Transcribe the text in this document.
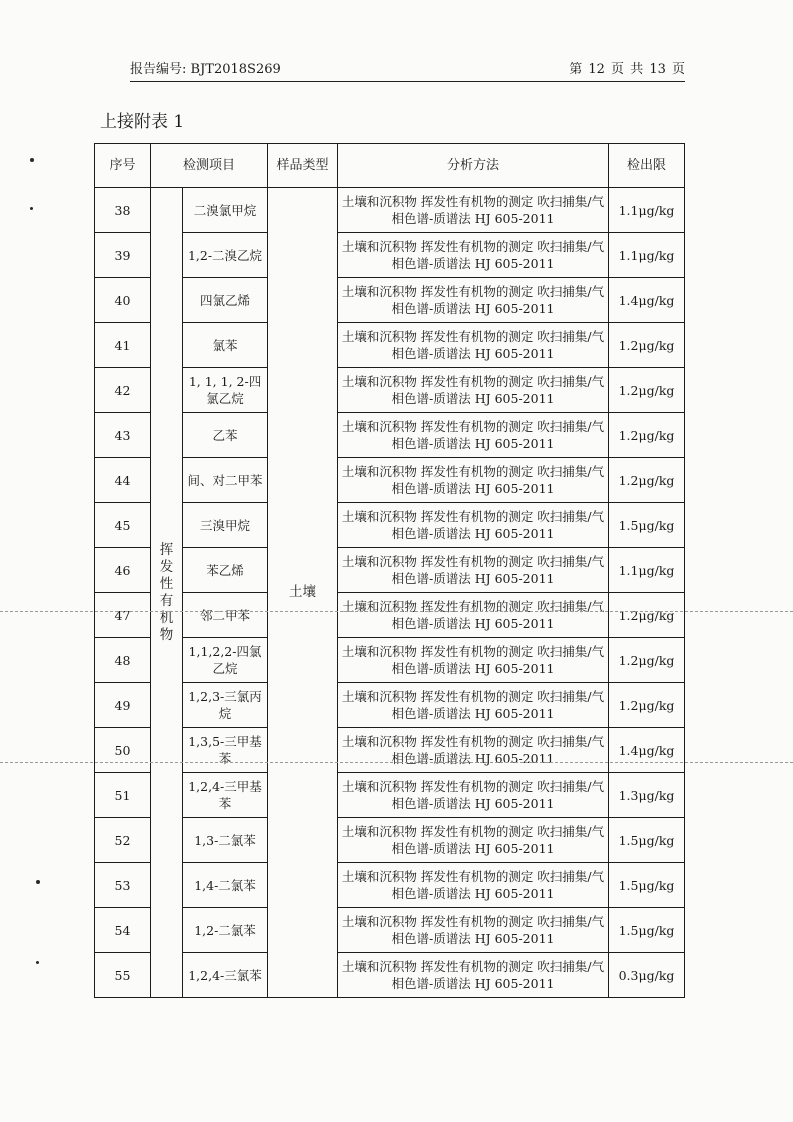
报告编号: BJT2018S269	第 12 页 共 13 页
上接附表 1
序号	检测项目		样品类型	分析方法	检出限
38	挥发性有机物	二溴氯甲烷	土壤	土壤和沉积物 挥发性有机物的测定 吹扫捕集/气相色谱-质谱法 HJ 605-2011	1.1μg/kg
39		1,2-二溴乙烷		土壤和沉积物 挥发性有机物的测定 吹扫捕集/气相色谱-质谱法 HJ 605-2011	1.1μg/kg
40		四氯乙烯		土壤和沉积物 挥发性有机物的测定 吹扫捕集/气相色谱-质谱法 HJ 605-2011	1.4μg/kg
41		氯苯		土壤和沉积物 挥发性有机物的测定 吹扫捕集/气相色谱-质谱法 HJ 605-2011	1.2μg/kg
42		1, 1, 1, 2-四氯乙烷		土壤和沉积物 挥发性有机物的测定 吹扫捕集/气相色谱-质谱法 HJ 605-2011	1.2μg/kg
43		乙苯		土壤和沉积物 挥发性有机物的测定 吹扫捕集/气相色谱-质谱法 HJ 605-2011	1.2μg/kg
44		间、对二甲苯		土壤和沉积物 挥发性有机物的测定 吹扫捕集/气相色谱-质谱法 HJ 605-2011	1.2μg/kg
45		三溴甲烷		土壤和沉积物 挥发性有机物的测定 吹扫捕集/气相色谱-质谱法 HJ 605-2011	1.5μg/kg
46		苯乙烯		土壤和沉积物 挥发性有机物的测定 吹扫捕集/气相色谱-质谱法 HJ 605-2011	1.1μg/kg
47		邻二甲苯		土壤和沉积物 挥发性有机物的测定 吹扫捕集/气相色谱-质谱法 HJ 605-2011	1.2μg/kg
48		1,1,2,2-四氯乙烷		土壤和沉积物 挥发性有机物的测定 吹扫捕集/气相色谱-质谱法 HJ 605-2011	1.2μg/kg
49		1,2,3-三氯丙烷		土壤和沉积物 挥发性有机物的测定 吹扫捕集/气相色谱-质谱法 HJ 605-2011	1.2μg/kg
50		1,3,5-三甲基苯		土壤和沉积物 挥发性有机物的测定 吹扫捕集/气相色谱-质谱法 HJ 605-2011	1.4μg/kg
51		1,2,4-三甲基苯		土壤和沉积物 挥发性有机物的测定 吹扫捕集/气相色谱-质谱法 HJ 605-2011	1.3μg/kg
52		1,3-二氯苯		土壤和沉积物 挥发性有机物的测定 吹扫捕集/气相色谱-质谱法 HJ 605-2011	1.5μg/kg
53		1,4-二氯苯		土壤和沉积物 挥发性有机物的测定 吹扫捕集/气相色谱-质谱法 HJ 605-2011	1.5μg/kg
54		1,2-二氯苯		土壤和沉积物 挥发性有机物的测定 吹扫捕集/气相色谱-质谱法 HJ 605-2011	1.5μg/kg
55		1,2,4-三氯苯		土壤和沉积物 挥发性有机物的测定 吹扫捕集/气相色谱-质谱法 HJ 605-2011	0.3μg/kg
